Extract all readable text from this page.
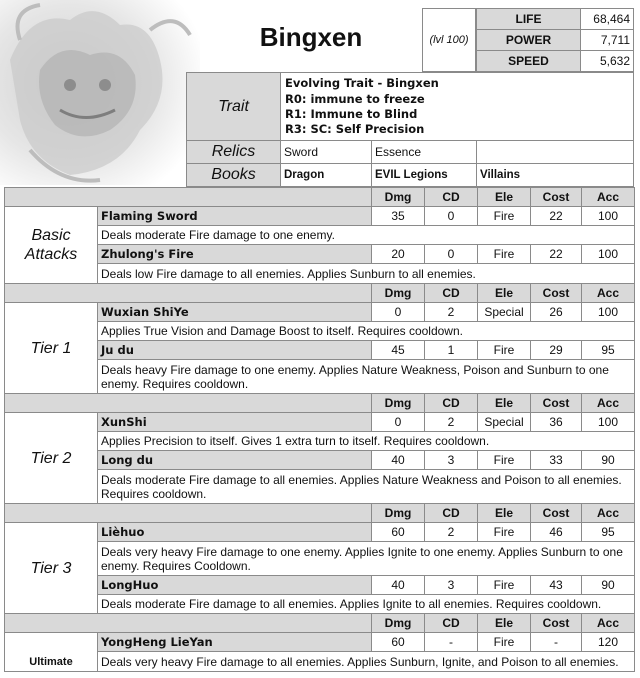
Bingxen	(lvl 100)
LIFE	68,464
POWER	7,711
SPEED	5,632
Trait
Evolving Trait - Bingxen
R0: immune to freeze
R1: Immune to Blind
R3: SC: Self Precision
Relics	Sword	Essence
Books	Dragon	EVIL Legions	Villains
Dmg	CD	Ele	Cost	Acc
Basic Attacks
Flaming Sword	35	0	Fire	22	100
Deals moderate Fire damage to one enemy.
Zhulong's Fire	20	0	Fire	22	100
Deals low Fire damage to all enemies. Applies Sunburn to all enemies.
Dmg	CD	Ele	Cost	Acc
Tier 1
Wuxian ShiYe	0	2	Special	26	100
Applies True Vision and Damage Boost to itself. Requires cooldown.
Ju du	45	1	Fire	29	95
Deals heavy Fire damage to one enemy. Applies Nature Weakness, Poison and Sunburn to one enemy. Requires cooldown.
Dmg	CD	Ele	Cost	Acc
Tier 2
XunShi	0	2	Special	36	100
Applies Precision to itself. Gives 1 extra turn to itself. Requires cooldown.
Long du	40	3	Fire	33	90
Deals moderate Fire damage to all enemies. Applies Nature Weakness and Poison to all enemies. Requires cooldown.
Dmg	CD	Ele	Cost	Acc
Tier 3
Lièhuo	60	2	Fire	46	95
Deals very heavy Fire damage to one enemy. Applies Ignite to one enemy. Applies Sunburn to one enemy. Requires Cooldown.
LongHuo	40	3	Fire	43	90
Deals moderate Fire damage to all enemies. Applies Ignite to all enemies. Requires cooldown.
Dmg	CD	Ele	Cost	Acc
Ultimate
YongHeng LieYan	60	-	Fire	-	120
Deals very heavy Fire damage to all enemies. Applies Sunburn, Ignite, and Poison to all enemies.
